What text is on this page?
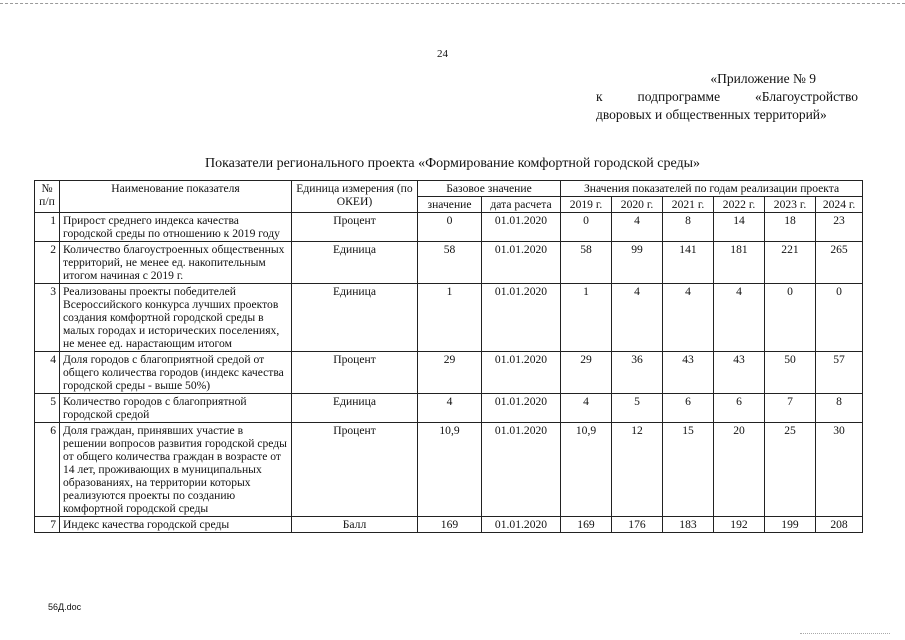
24
«Приложение № 9
к	подпрограмме	«Благоустройство
дворовых и общественных территорий»
Показатели регионального проекта «Формирование комфортной городской среды»
№ п/п	Наименование показателя	Единица измерения (по ОКЕИ)	Базовое значение		Значения показателей по годам реализации проекта					
			значение	дата расчета	2019 г.	2020 г.	2021 г.	2022 г.	2023 г.	2024 г.
1	Прирост среднего индекса качества городской среды по отношению к 2019 году	Процент	0	01.01.2020	0	4	8	14	18	23
2	Количество благоустроенных общественных территорий, не менее ед. накопительным итогом начиная с 2019 г.	Единица	58	01.01.2020	58	99	141	181	221	265
3	Реализованы проекты победителей Всероссийского конкурса лучших проектов создания комфортной городской среды в малых городах и исторических поселениях, не менее ед. нарастающим итогом	Единица	1	01.01.2020	1	4	4	4	0	0
4	Доля городов с благоприятной средой от общего количества городов (индекс качества городской среды - выше 50%)	Процент	29	01.01.2020	29	36	43	43	50	57
5	Количество городов с благоприятной городской средой	Единица	4	01.01.2020	4	5	6	6	7	8
6	Доля граждан, принявших участие в решении вопросов развития городской среды от общего количества граждан в возрасте от 14 лет, проживающих в муниципальных образованиях, на территории которых реализуются проекты по созданию комфортной городской среды	Процент	10,9	01.01.2020	10,9	12	15	20	25	30
7	Индекс качества городской среды	Балл	169	01.01.2020	169	176	183	192	199	208
56Д.doc
